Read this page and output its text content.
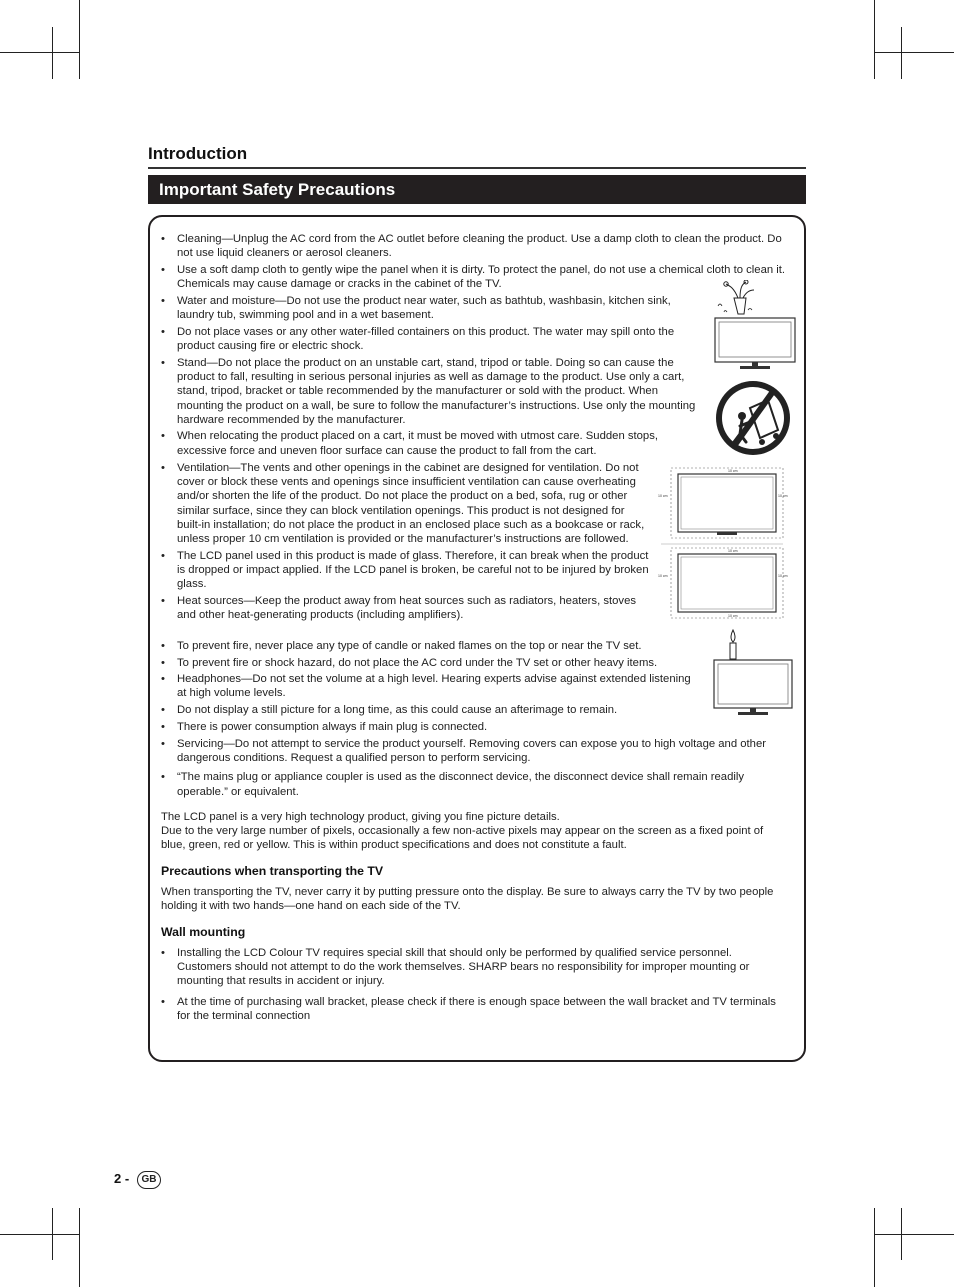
Introduction
Important Safety Precautions
• Cleaning—Unplug the AC cord from the AC outlet before cleaning the product. Use a damp cloth to clean the product. Do not use liquid cleaners or aerosol cleaners.
• Use a soft damp cloth to gently wipe the panel when it is dirty. To protect the panel, do not use a chemical cloth to clean it. Chemicals may cause damage or cracks in the cabinet of the TV.
• Water and moisture—Do not use the product near water, such as bathtub, washbasin, kitchen sink, laundry tub, swimming pool and in a wet basement.
• Do not place vases or any other water-filled containers on this product. The water may spill onto the product causing fire or electric shock.
• Stand—Do not place the product on an unstable cart, stand, tripod or table. Doing so can cause the product to fall, resulting in serious personal injuries as well as damage to the product. Use only a cart, stand, tripod, bracket or table recommended by the manufacturer or sold with the product. When mounting the product on a wall, be sure to follow the manufacturer’s instructions. Use only the mounting hardware recommended by the manufacturer.
• When relocating the product placed on a cart, it must be moved with utmost care. Sudden stops, excessive force and uneven floor surface can cause the product to fall from the cart.
• Ventilation—The vents and other openings in the cabinet are designed for ventilation. Do not cover or block these vents and openings since insufficient ventilation can cause overheating and/or shorten the life of the product. Do not place the product on a bed, sofa, rug or other similar surface, since they can block ventilation openings. This product is not designed for built-in installation; do not place the product in an enclosed place such as a bookcase or rack, unless proper 10 cm ventilation is provided or the manufacturer’s instructions are followed.
• The LCD panel used in this product is made of glass. Therefore, it can break when the product is dropped or impact applied. If the LCD panel is broken, be careful not to be injured by broken glass.
• Heat sources—Keep the product away from heat sources such as radiators, heaters, stoves and other heat-generating products (including amplifiers).
• To prevent fire, never place any type of candle or naked flames on the top or near the TV set.
• To prevent fire or shock hazard, do not place the AC cord under the TV set or other heavy items.
• Headphones—Do not set the volume at a high level. Hearing experts advise against extended listening at high volume levels.
• Do not display a still picture for a long time, as this could cause an afterimage to remain.
• There is power consumption always if main plug is connected.
• Servicing—Do not attempt to service the product yourself. Removing covers can expose you to high voltage and other dangerous conditions. Request a qualified person to perform servicing.
• “The mains plug or appliance coupler is used as the disconnect device, the disconnect device shall remain readily operable.” or equivalent.
The LCD panel is a very high technology product, giving you fine picture details.
Due to the very large number of pixels, occasionally a few non-active pixels may appear on the screen as a fixed point of blue, green, red or yellow. This is within product specifications and does not constitute a fault.
Precautions when transporting the TV
When transporting the TV, never carry it by putting pressure onto the display. Be sure to always carry the TV by two people holding it with two hands—one hand on each side of the TV.
Wall mounting
• Installing the LCD Colour TV requires special skill that should only be performed by qualified service personnel. Customers should not attempt to do the work themselves. SHARP bears no responsibility for improper mounting or mounting that results in accident or injury.
• At the time of purchasing wall bracket, please check if there is enough space between the wall bracket and TV terminals for the terminal connection
10 cm
10 cm	10 cm
10 cm
10 cm	10 cm
10 cm
2 -	GB
